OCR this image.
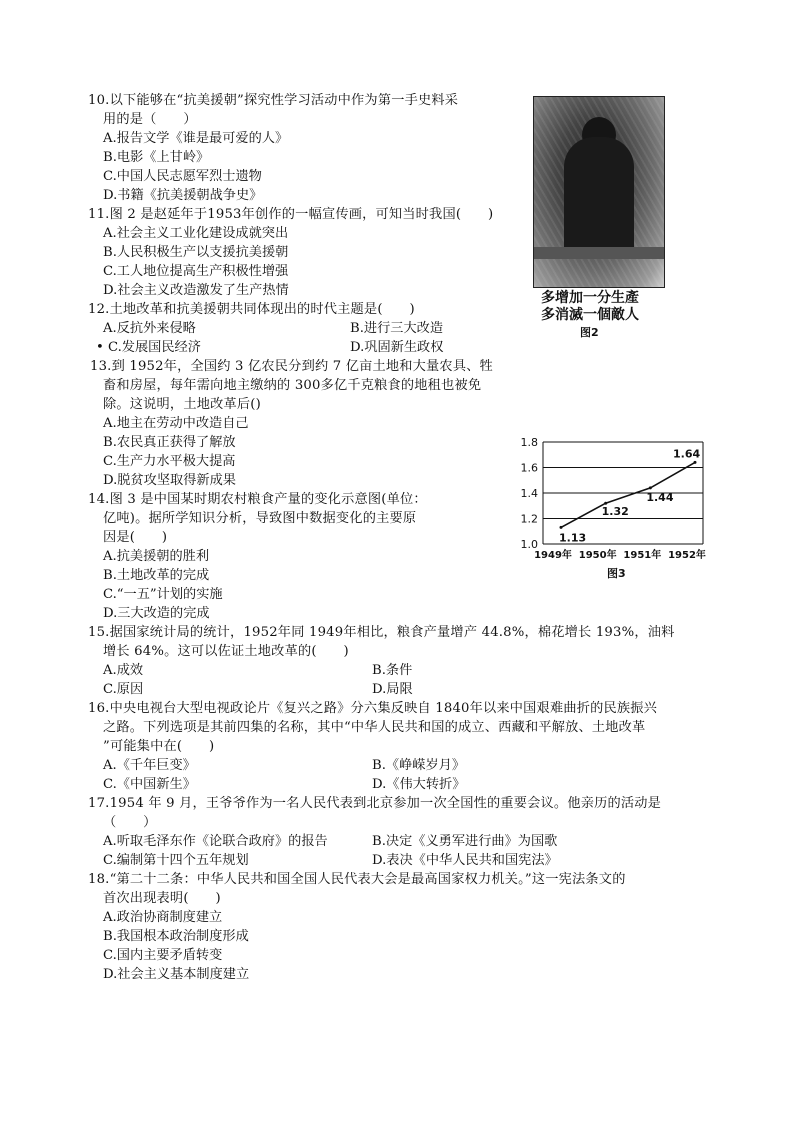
10.以下能够在“抗美援朝”探究性学习活动中作为第一手史料采
用的是（　　）
A.报告文学《谁是最可爱的人》
B.电影《上甘岭》
C.中国人民志愿军烈士遗物
D.书籍《抗美援朝战争史》
11.图 2 是赵延年于1953年创作的一幅宣传画，可知当时我国(　　)
A.社会主义工业化建设成就突出
B.人民积极生产以支援抗美援朝
C.工人地位提高生产积极性增强
D.社会主义改造激发了生产热情	多增加一分生產
多消滅一個敵人
图2
12.土地改革和抗美援朝共同体现出的时代主题是(　　)
A.反抗外来侵略	B.进行三大改造
• C.发展国民经济	D.巩固新生政权
13.到 1952年，全国约 3 亿农民分到约 7 亿亩土地和大量农具、牲
畜和房屋，每年需向地主缴纳的 300多亿千克粮食的地租也被免
除。这说明，土地改革后()
A.地主在劳动中改造自己
B.农民真正获得了解放
C.生产力水平极大提高
D.脱贫攻坚取得新成果
14.图 3 是中国某时期农村粮食产量的变化示意图(单位：
亿吨)。据所学知识分析，导致图中数据变化的主要原
因是(　　)
A.抗美援朝的胜利
B.土地改革的完成
C.“一五”计划的实施
D.三大改造的完成
1.0
1.2
1.4
1.6
1.8
1949年 1950年 1951年 1952年
1.13
1.32
1.44
1.64
图3
15.据国家统计局的统计，1952年同 1949年相比，粮食产量增产 44.8%，棉花增长 193%，油料
增长 64%。这可以佐证土地改革的(　　)
A.成效	B.条件
C.原因	D.局限
16.中央电视台大型电视政论片《复兴之路》分六集反映自 1840年以来中国艰难曲折的民族振兴
之路。下列选项是其前四集的名称，其中“中华人民共和国的成立、西藏和平解放、土地改革
”可能集中在(　　)
A.《千年巨变》	B.《峥嵘岁月》
C.《中国新生》	D.《伟大转折》
17.1954 年 9 月，王爷爷作为一名人民代表到北京参加一次全国性的重要会议。他亲历的活动是
（　　）
A.听取毛泽东作《论联合政府》的报告	B.决定《义勇军进行曲》为国歌
C.编制第十四个五年规划	D.表决《中华人民共和国宪法》
18.“第二十二条：中华人民共和国全国人民代表大会是最高国家权力机关。”这一宪法条文的
首次出现表明(　　)
A.政治协商制度建立
B.我国根本政治制度形成
C.国内主要矛盾转变
D.社会主义基本制度建立
